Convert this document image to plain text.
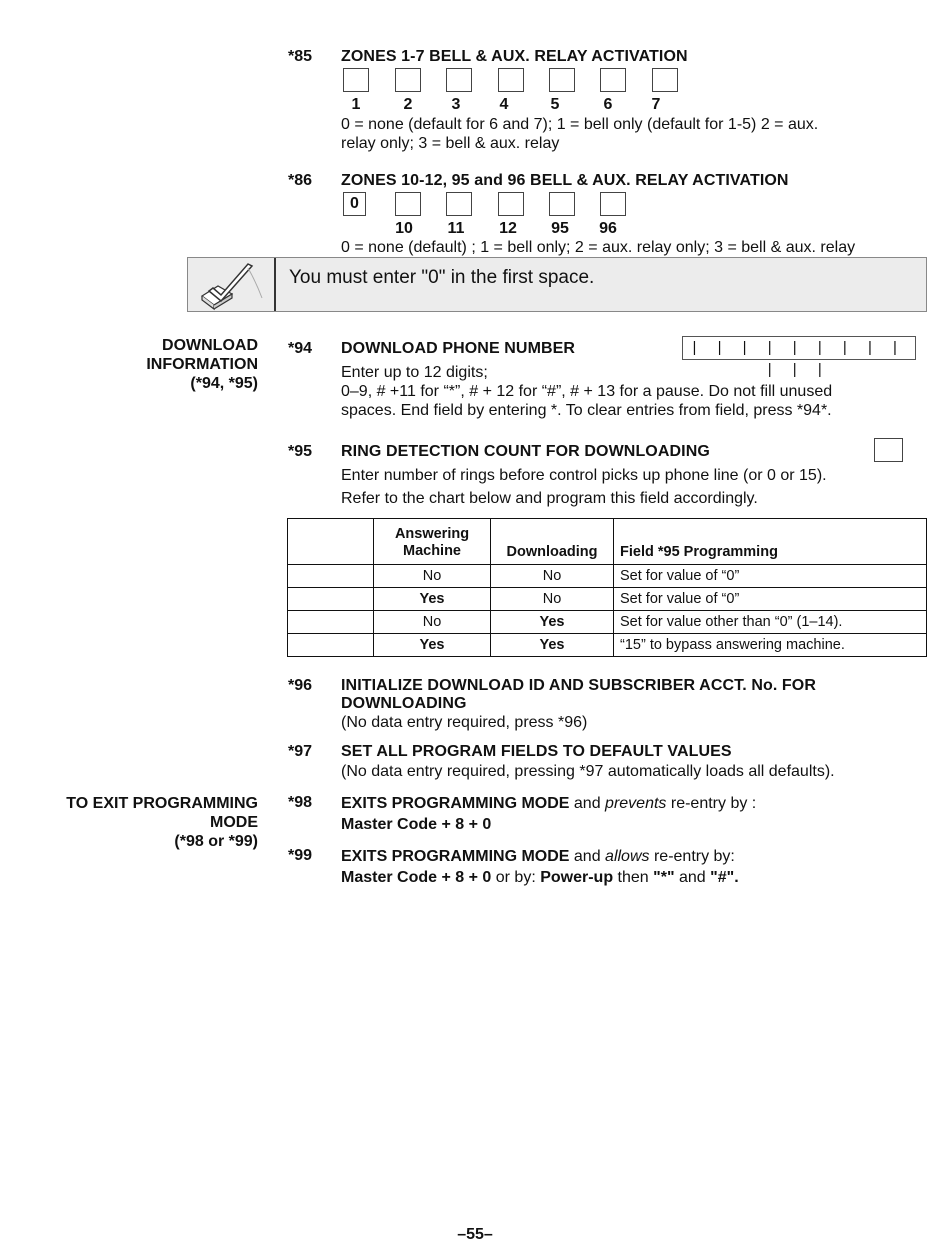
*85 ZONES 1-7 BELL & AUX. RELAY ACTIVATION
1	2	3	4	5	6	7
0 = none (default for 6 and 7); 1 = bell only (default for 1-5) 2 = aux.
relay only; 3 = bell & aux. relay
*86 ZONES 10-12, 95 and 96 BELL & AUX. RELAY ACTIVATION
0
10	11	12	95	96
0 = none (default) ; 1 = bell only; 2 = aux. relay only; 3 = bell & aux. relay
You must enter "0" in the first space.
DOWNLOAD
INFORMATION
(*94, *95)
*94 DOWNLOAD PHONE NUMBER	| | | | | | | | | | | |
Enter up to 12 digits;
0–9, # +11 for “*”, # + 12 for “#”, # + 13 for a pause. Do not fill unused
spaces. End field by entering *. To clear entries from field, press *94*.
*95 RING DETECTION COUNT FOR DOWNLOADING
Enter number of rings before control picks up phone line (or 0 or 15).
Refer to the chart below and program this field accordingly.
	Answering Machine	Downloading	Field *95 Programming
	No	No	Set for value of “0”
	Yes	No	Set for value of “0”
	No	Yes	Set for value other than “0” (1–14).
	Yes	Yes	“15” to bypass answering machine.
*96 INITIALIZE DOWNLOAD ID AND SUBSCRIBER ACCT. No. FOR
DOWNLOADING
(No data entry required, press *96)
*97 SET ALL PROGRAM FIELDS TO DEFAULT VALUES
(No data entry required, pressing *97 automatically loads all defaults).
TO EXIT PROGRAMMING
MODE
(*98 or *99)
*98 EXITS PROGRAMMING MODE and prevents re-entry by :
Master Code + 8 + 0
*99 EXITS PROGRAMMING MODE and allows re-entry by:
Master Code + 8 + 0 or by: Power-up then "*" and "#".
–55–
